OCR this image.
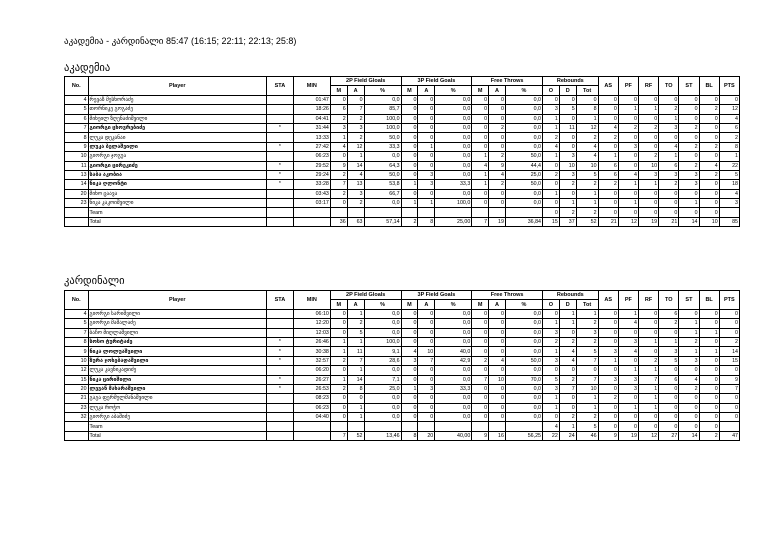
აკადემია - კარდინალი 85:47 (16:15; 22:11; 22:13; 25:8)
აკადემია
No.	Player	STA	MIN	2P Field Gloals			3P Field Goals			Free Throws			Rebounds			AS	PF	RF	TO	ST	BL	PTS
				M	A	%	M	A	%	M	A	%	O	D	Tot							
4	რევაზ მესხორაძე		01:47	0	0	0,0	0	0	0,0	0	0	0,0	0	0	0	0	0	0	0	0	0	0
5	თორნიკე გოგაძე		18:26	6	7	85,7	0	0	0,0	0	0	0,0	3	5	8	0	1	1	2	0	2	12
6	მიხეილ ზღენაძიშვილი		04:41	2	2	100,0	0	0	0,0	0	0	0,0	1	0	1	0	0	0	1	0	0	4
7	გიორგი ცხოვრებიძე	*	31:44	3	3	100,0	0	0	0,0	0	2	0,0	1	11	12	4	2	2	3	2	0	6
8	ლუკა დეკანაი		13:33	1	2	50,0	0	0	0,0	0	0	0,0	2	0	2	2	0	0	0	0	0	2
9	ლუკა ბელაშვილი	*	27:42	4	12	33,3	0	1	0,0	0	0	0,0	4	0	4	0	3	0	4	2	2	8
10	გიორგი ჯოგუა		06:23	0	1	0,0	0	0	0,0	1	2	50,0	1	3	4	1	0	2	1	0	0	1
11	გიორგი ცირეკიძე	*	29:52	9	14	64,3	0	0	0,0	4	9	44,4	0	10	10	6	0	10	6	2	4	22
13	საბა აკობია	*	29:24	2	4	50,0	0	3	0,0	1	4	25,0	2	3	5	6	4	3	3	3	2	5
14	ნიკა ღლონტი	*	33:28	7	13	53,8	1	3	33,3	1	2	50,0	0	2	2	2	1	1	2	3	0	18
20	მიხო ცაავა		03:43	2	3	66,7	0	0	0,0	0	0	0,0	1	0	1	0	0	0	0	0	0	4
23	ნიკა კაკოიშვილი		03:17	0	2	0,0	1	1	100,0	0	0	0,0	0	1	1	0	1	0	0	1	0	3
	Team												0	2	2	0	0	0	0	0	0	
	Total			36	63	57,14	2	8	25,00	7	19	36,84	15	37	52	21	12	19	21	14	10	85
კარდინალი
No.	Player	STA	MIN	2P Field Gloals			3P Field Goals			Free Throws			Rebounds			AS	PF	RF	TO	ST	BL	PTS
				M	A	%	M	A	%	M	A	%	O	D	Tot							
4	გიორგი სარიშვილი		06:10	0	1	0,0	0	0	0,0	0	0	0,0	0	1	1	0	1	0	6	0	0	0
5	გიორგი მაშალაძე		12:20	0	2	0,0	0	0	0,0	0	0	0,0	1	1	2	0	4	0	2	1	0	0
7	ბაჩო მიღლაშვილი		12:03	0	5	0,0	0	0	0,0	0	0	0,0	3	0	3	0	0	0	0	1	1	0
8	სოსო ტურიტაძე	*	26:46	1	1	100,0	0	0	0,0	0	0	0,0	2	2	2	0	3	1	1	2	0	2
9	ნიკა ლოლუაშვილი	*	30:38	1	11	9,1	4	10	40,0	0	0	0,0	1	4	5	3	4	0	3	1	1	14
10	ზურა ჯოხებადაშვილი	*	32:57	2	7	28,6	3	7	42,9	2	4	50,0	3	4	7	1	0	2	5	3	0	15
12	ლუკა კავნიკადიძე		06:20	0	1	0,0	0	0	0,0	0	0	0,0	0	0	0	0	1	1	0	0	0	0
15	ნიკა ცირიშილი	*	26:27	1	14	7,1	0	0	0,0	7	10	70,0	5	2	7	3	3	7	6	4	0	9
20	ლევან მახარაშვილი	*	26:53	2	8	25,0	1	3	33,3	0	0	0,0	3	7	10	0	3	1	0	2	0	7
21	გაგა ფერმულმანაშვილი		08:23	0	0	0,0	0	0	0,0	0	0	0,0	1	0	1	2	0	1	0	0	0	0
23	ლუკა როჭო		06:23	0	1	0,0	0	0	0,0	0	0	0,0	1	0	1	0	1	1	0	0	0	0
32	გიორგი აბაშიძე		04:40	0	1	0,0	0	0	0,0	0	0	0,0	0	2	2	0	0	0	0	0	0	0
	Team												4	1	5	0	0	0	0	0	0	
	Total			7	52	13,46	8	20	40,00	9	16	56,25	22	24	46	9	19	12	27	14	2	47
